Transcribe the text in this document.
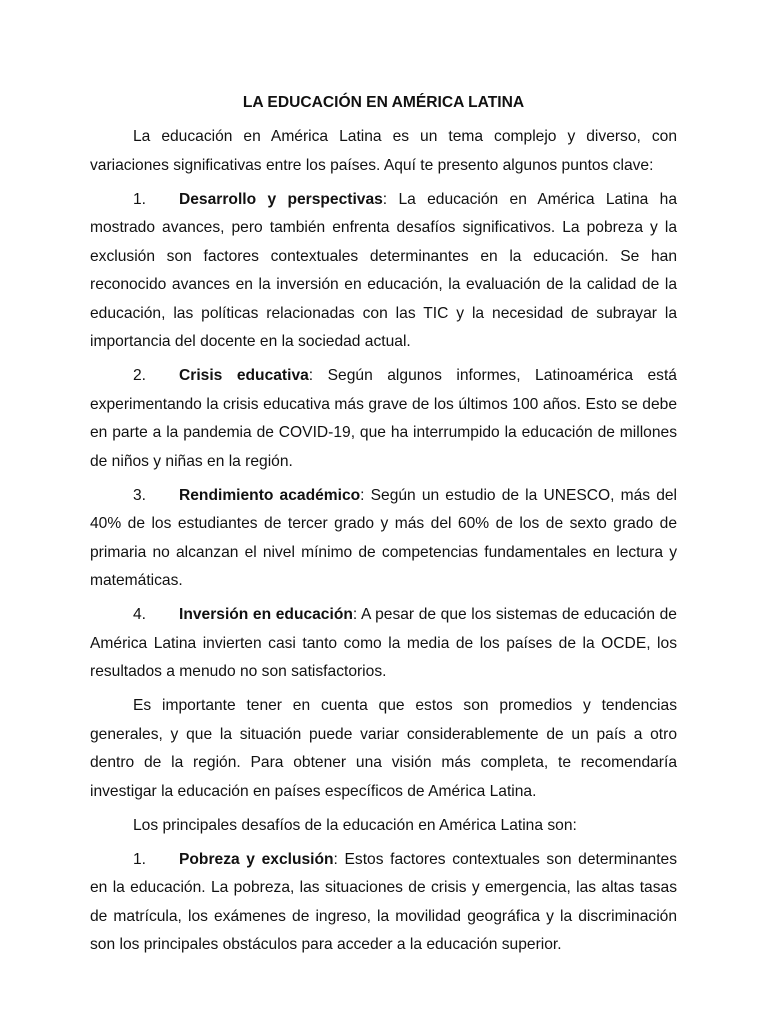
LA EDUCACIÓN EN AMÉRICA LATINA

La educación en América Latina es un tema complejo y diverso, con variaciones significativas entre los países. Aquí te presento algunos puntos clave:

1. Desarrollo y perspectivas: La educación en América Latina ha mostrado avances, pero también enfrenta desafíos significativos. La pobreza y la exclusión son factores contextuales determinantes en la educación. Se han reconocido avances en la inversión en educación, la evaluación de la calidad de la educación, las políticas relacionadas con las TIC y la necesidad de subrayar la importancia del docente en la sociedad actual.

2. Crisis educativa: Según algunos informes, Latinoamérica está experimentando la crisis educativa más grave de los últimos 100 años. Esto se debe en parte a la pandemia de COVID-19, que ha interrumpido la educación de millones de niños y niñas en la región.

3. Rendimiento académico: Según un estudio de la UNESCO, más del 40% de los estudiantes de tercer grado y más del 60% de los de sexto grado de primaria no alcanzan el nivel mínimo de competencias fundamentales en lectura y matemáticas.

4. Inversión en educación: A pesar de que los sistemas de educación de América Latina invierten casi tanto como la media de los países de la OCDE, los resultados a menudo no son satisfactorios.

Es importante tener en cuenta que estos son promedios y tendencias generales, y que la situación puede variar considerablemente de un país a otro dentro de la región. Para obtener una visión más completa, te recomendaría investigar la educación en países específicos de América Latina.

Los principales desafíos de la educación en América Latina son:

1. Pobreza y exclusión: Estos factores contextuales son determinantes en la educación. La pobreza, las situaciones de crisis y emergencia, las altas tasas de matrícula, los exámenes de ingreso, la movilidad geográfica y la discriminación son los principales obstáculos para acceder a la educación superior.
